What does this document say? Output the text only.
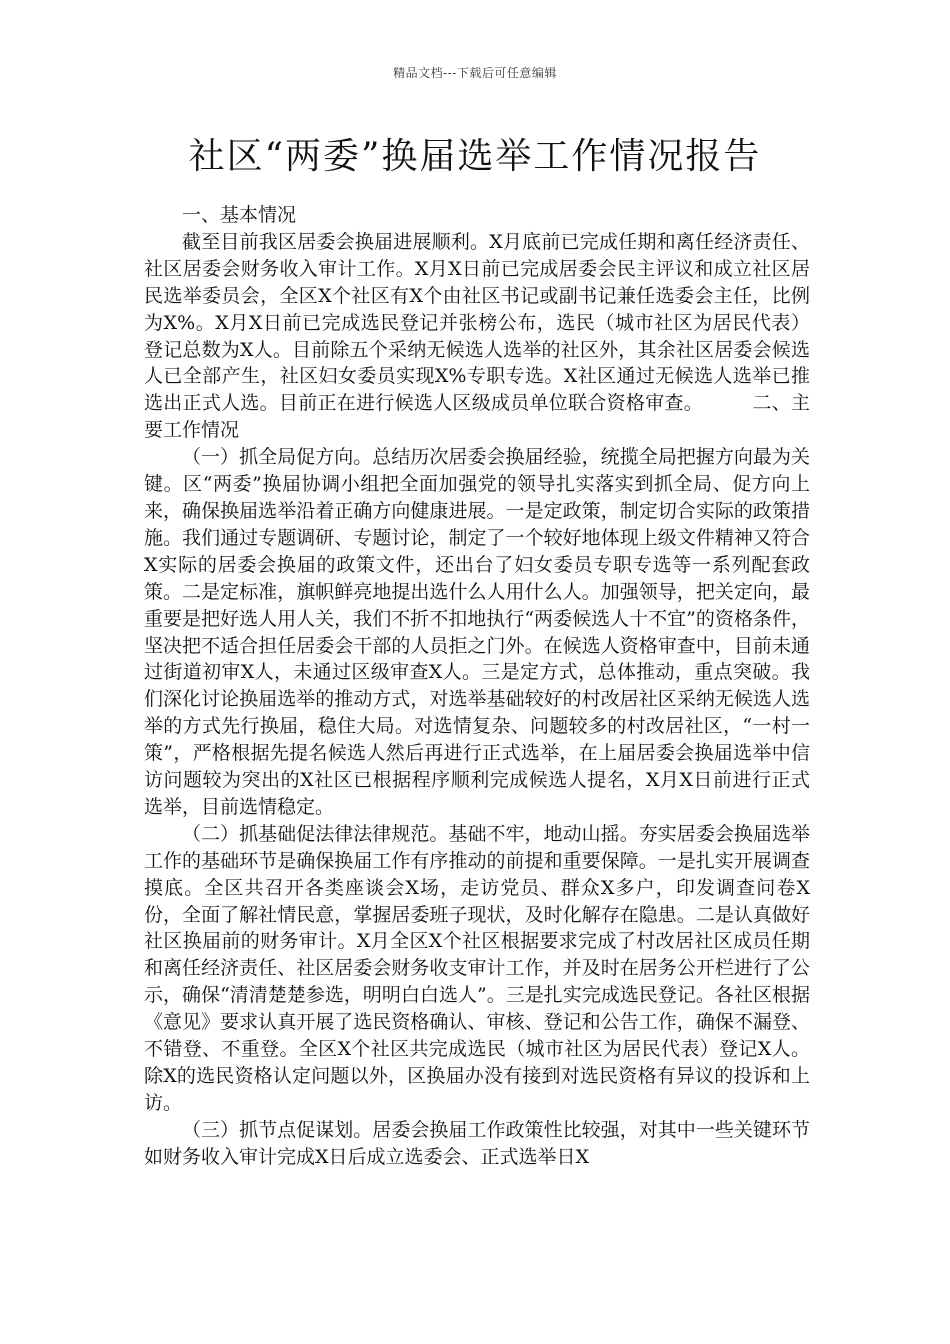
精品文档---下载后可任意编辑
社区“两委”换届选举工作情况报告

一、基本情况

截至目前我区居委会换届进展顺利。X月底前已完成任期和离任经济责任、社区居委会财务收入审计工作。X月X日前已完成居委会民主评议和成立社区居民选举委员会，全区X个社区有X个由社区书记或副书记兼任选委会主任，比例为X%。X月X日前已完成选民登记并张榜公布，选民（城市社区为居民代表）登记总数为X人。目前除五个采纳无候选人选举的社区外，其余社区居委会候选人已全部产生，社区妇女委员实现X%专职专选。X社区通过无候选人选举已推选出正式人选。目前正在进行候选人区级成员单位联合资格审查。	二、主要工作情况

（一）抓全局促方向。总结历次居委会换届经验，统揽全局把握方向最为关键。区“两委”换届协调小组把全面加强党的领导扎实落实到抓全局、促方向上来，确保换届选举沿着正确方向健康进展。一是定政策，制定切合实际的政策措施。我们通过专题调研、专题讨论，制定了一个较好地体现上级文件精神又符合X实际的居委会换届的政策文件，还出台了妇女委员专职专选等一系列配套政策。二是定标准，旗帜鲜亮地提出选什么人用什么人。加强领导，把关定向，最重要是把好选人用人关，我们不折不扣地执行“两委候选人十不宜”的资格条件，坚决把不适合担任居委会干部的人员拒之门外。在候选人资格审查中，目前未通过街道初审X人，未通过区级审查X人。三是定方式，总体推动，重点突破。我们深化讨论换届选举的推动方式，对选举基础较好的村改居社区采纳无候选人选举的方式先行换届，稳住大局。对选情复杂、问题较多的村改居社区，“一村一策”，严格根据先提名候选人然后再进行正式选举，在上届居委会换届选举中信访问题较为突出的X社区已根据程序顺利完成候选人提名，X月X日前进行正式选举，目前选情稳定。

（二）抓基础促法律法律规范。基础不牢，地动山摇。夯实居委会换届选举工作的基础环节是确保换届工作有序推动的前提和重要保障。一是扎实开展调查摸底。全区共召开各类座谈会X场，走访党员、群众X多户，印发调查问卷X份，全面了解社情民意，掌握居委班子现状，及时化解存在隐患。二是认真做好社区换届前的财务审计。X月全区X个社区根据要求完成了村改居社区成员任期和离任经济责任、社区居委会财务收支审计工作，并及时在居务公开栏进行了公示，确保“清清楚楚参选，明明白白选人”。三是扎实完成选民登记。各社区根据《意见》要求认真开展了选民资格确认、审核、登记和公告工作，确保不漏登、不错登、不重登。全区X个社区共完成选民（城市社区为居民代表）登记X人。除X的选民资格认定问题以外，区换届办没有接到对选民资格有异议的投诉和上访。

（三）抓节点促谋划。居委会换届工作政策性比较强，对其中一些关键环节如财务收入审计完成X日后成立选委会、正式选举日X
